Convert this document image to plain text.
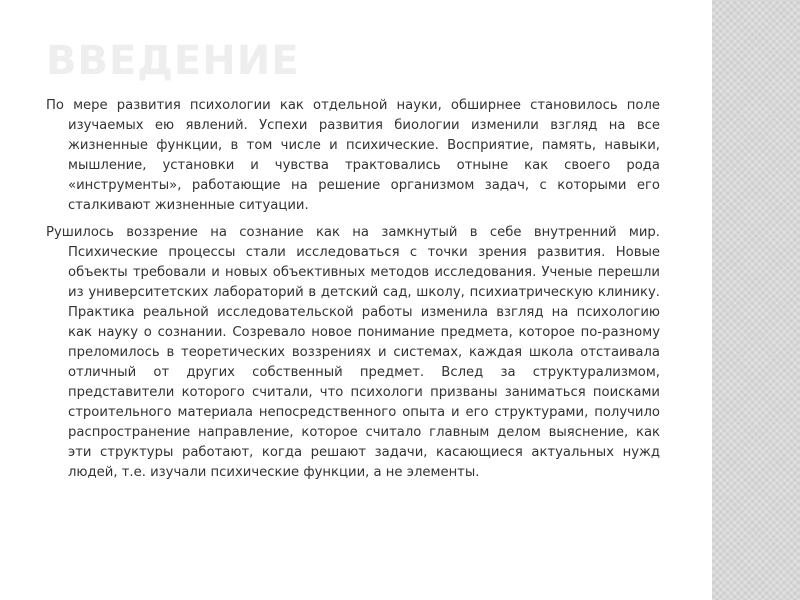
ВВЕДЕНИЕ

По мере развития психологии как отдельной науки, обширнее становилось поле изучаемых ею явлений. Успехи развития биологии изменили взгляд на все жизненные функции, в том числе и психические. Восприятие, память, навыки, мышление, установки и чувства трактовались отныне как своего рода «инструменты», работающие на решение организмом задач, с которыми его сталкивают жизненные ситуации.

Рушилось воззрение на сознание как на замкнутый в себе внутренний мир. Психические процессы стали исследоваться с точки зрения развития. Новые объекты требовали и новых объективных методов исследования. Ученые перешли из университетских лабораторий в детский сад, школу, психиатрическую клинику. Практика реальной исследовательской работы изменила взгляд на психологию как науку о сознании. Созревало новое понимание предмета, которое по-разному преломилось в теоретических воззрениях и системах, каждая школа отстаивала отличный от других собственный предмет. Вслед за структурализмом, представители которого считали, что психологи призваны заниматься поисками строительного материала непосредственного опыта и его структурами, получило распространение направление, которое считало главным делом выяснение, как эти структуры работают, когда решают задачи, касающиеся актуальных нужд людей, т.е. изучали психические функции, а не элементы.
